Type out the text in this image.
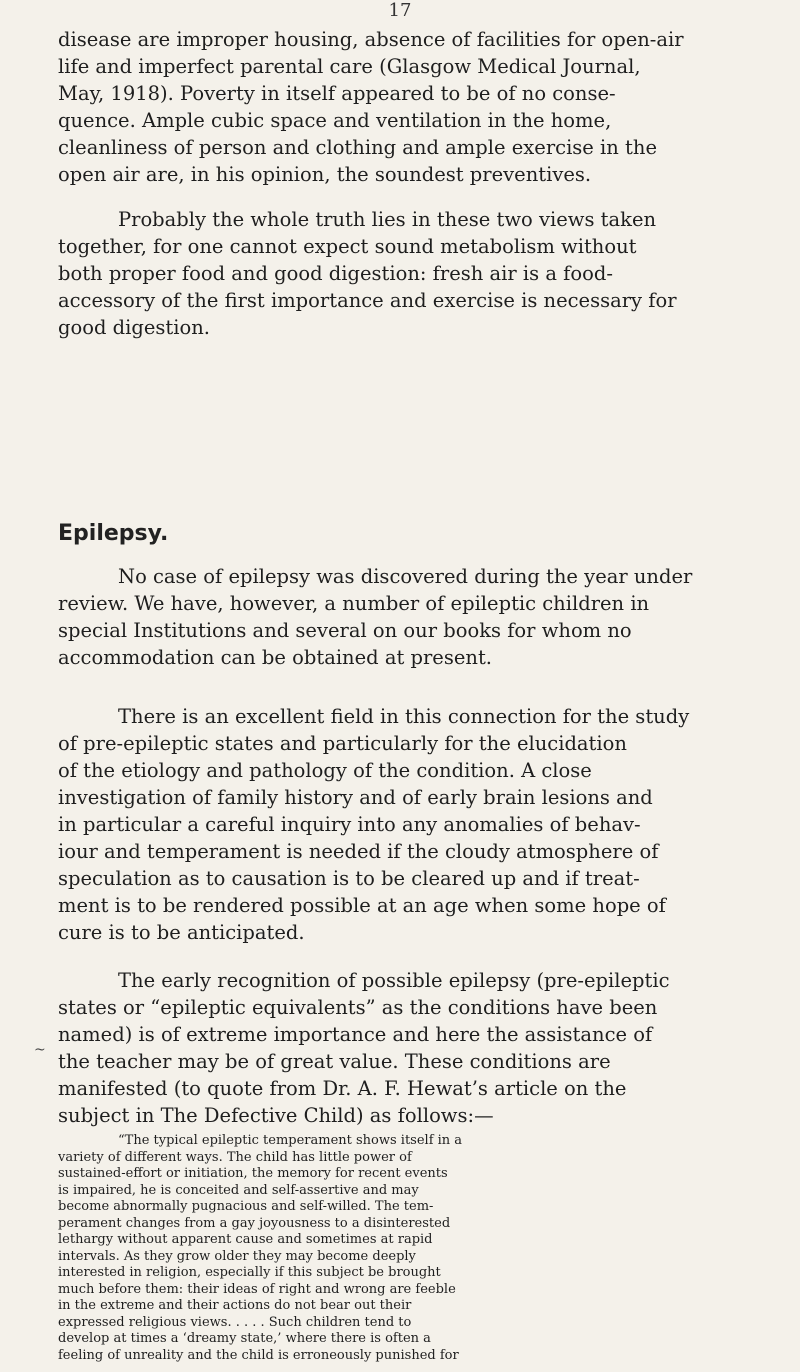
17
disease are improper housing, absence of facilities for open-air
life and imperfect parental care (Glasgow Medical Journal,
May, 1918). Poverty in itself appeared to be of no conse-
quence. Ample cubic space and ventilation in the home,
cleanliness of person and clothing and ample exercise in the
open air are, in his opinion, the soundest preventives.
Probably the whole truth lies in these two views taken
together, for one cannot expect sound metabolism without
both proper food and good digestion: fresh air is a food-
accessory of the first importance and exercise is necessary for
good digestion.
Epilepsy.
No case of epilepsy was discovered during the year under
review. We have, however, a number of epileptic children in
special Institutions and several on our books for whom no
accommodation can be obtained at present.
There is an excellent field in this connection for the study
of pre-epileptic states and particularly for the elucidation
of the etiology and pathology of the condition. A close
investigation of family history and of early brain lesions and
in particular a careful inquiry into any anomalies of behav-
iour and temperament is needed if the cloudy atmosphere of
speculation as to causation is to be cleared up and if treat-
ment is to be rendered possible at an age when some hope of
cure is to be anticipated.
The early recognition of possible epilepsy (pre-epileptic
states or “epileptic equivalents” as the conditions have been
named) is of extreme importance and here the assistance of
the teacher may be of great value. These conditions are
manifested (to quote from Dr. A. F. Hewat’s article on the
subject in The Defective Child) as follows:—
~
“The typical epileptic temperament shows itself in a
variety of different ways. The child has little power of
sustained-effort or initiation, the memory for recent events
is impaired, he is conceited and self-assertive and may
become abnormally pugnacious and self-willed. The tem-
perament changes from a gay joyousness to a disinterested
lethargy without apparent cause and sometimes at rapid
intervals. As they grow older they may become deeply
interested in religion, especially if this subject be brought
much before them: their ideas of right and wrong are feeble
in the extreme and their actions do not bear out their
expressed religious views. . . . . Such children tend to
develop at times a ‘dreamy state,’ where there is often a
feeling of unreality and the child is erroneously punished for
